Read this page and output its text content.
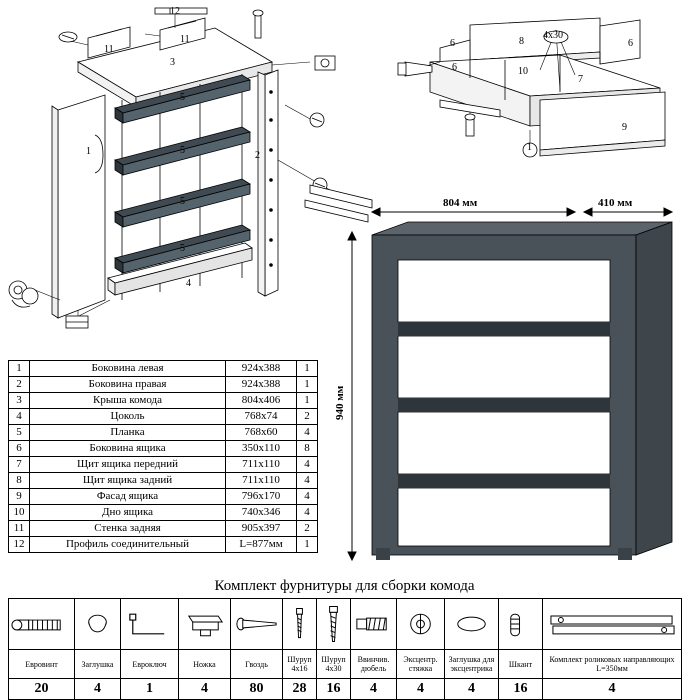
12
11
11
3
5
5
5
5
1	2
4
4х30
8
6	6
6	10
7
1
9
804 мм	410 мм
940 мм
1	Боковина левая	924х388	1
2	Боковина правая	924х388	1
3	Крыша комода	804х406	1
4	Цоколь	768х74	2
5	Планка	768х60	4
6	Боковина ящика	350х110	8
7	Щит ящика передний	711х110	4
8	Щит ящика задний	711х110	4
9	Фасад ящика	796х170	4
10	Дно ящика	740х346	4
11	Стенка задняя	905х397	2
12	Профиль соединительный	L=877мм	1
Комплект фурнитуры для сборки комода

Евровинт	Заглушка	Евроключ	Ножка	Гвоздь	Шуруп 4х16	Шуруп 4х30	Ввинчив. дюбель	Эксцентр. стяжка	Заглушка для эксцентрика	Шкант	Комплект роликовых направляющих L=350мм
20	4	1	4	80	28	16	4	4	4	16	4
